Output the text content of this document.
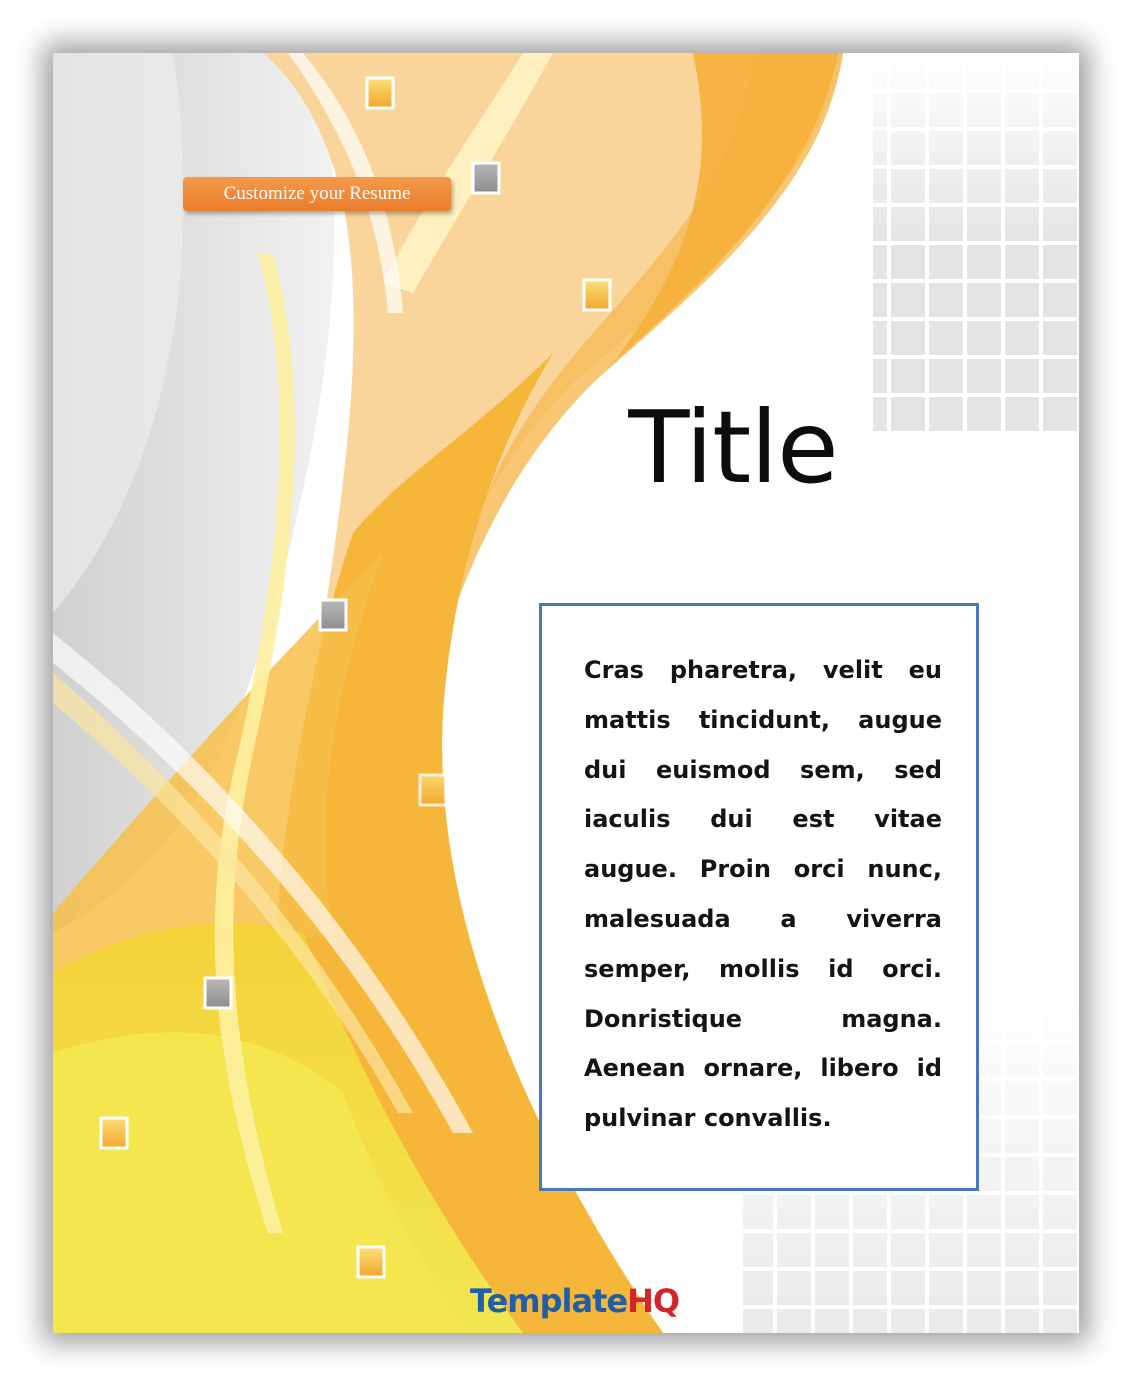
Customize your Resume
Title

Cras pharetra, velit eu mattis tincidunt, augue dui euismod sem, sed iaculis dui est vitae augue. Proin orci nunc, malesuada a viverra semper, mollis id orci. Donristique magna. Aenean ornare, libero id pulvinar convallis.

TemplateHQ
